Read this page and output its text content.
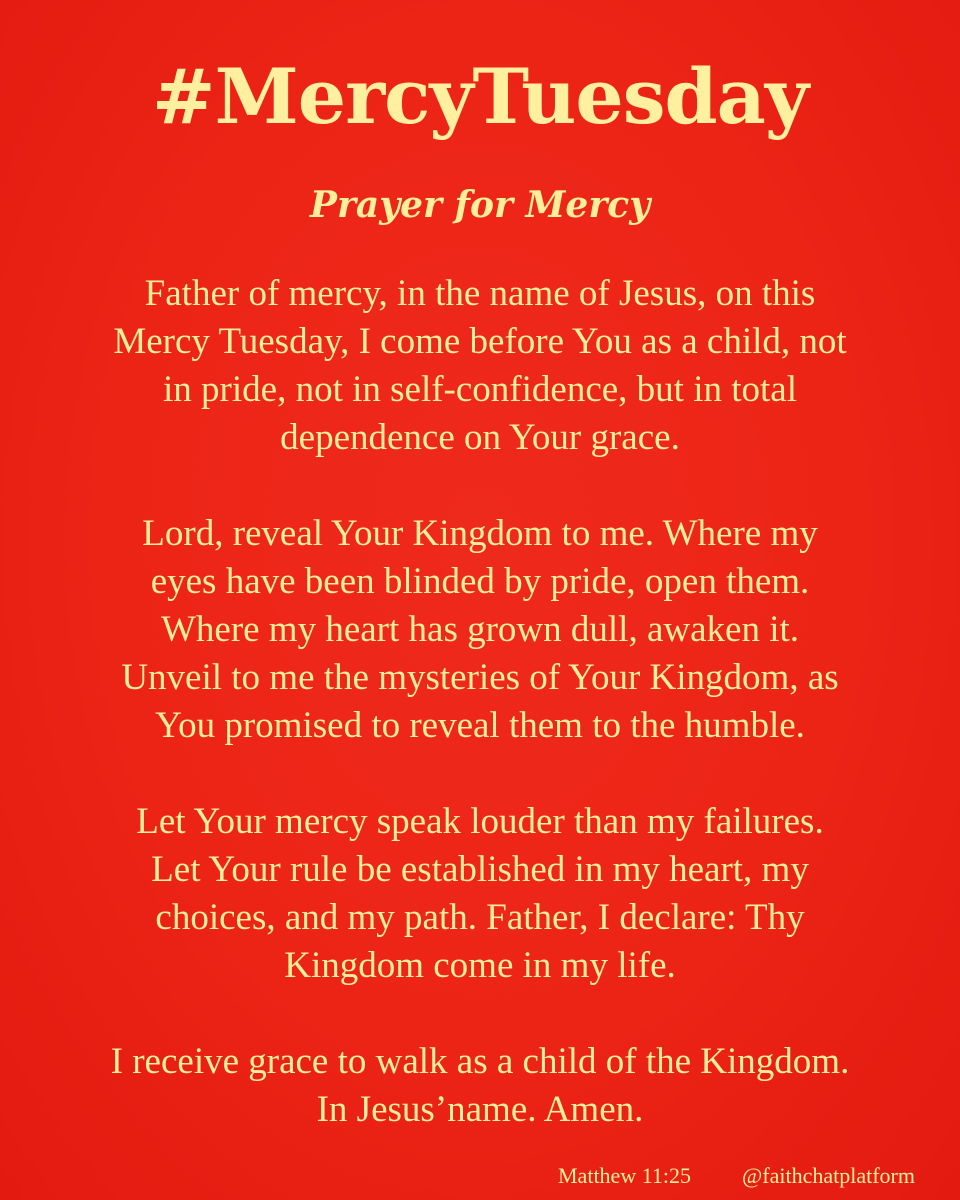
#MercyTuesday
Prayer for Mercy
Father of mercy, in the name of Jesus, on this
Mercy Tuesday, I come before You as a child, not
in pride, not in self-confidence, but in total
dependence on Your grace.
Lord, reveal Your Kingdom to me. Where my
eyes have been blinded by pride, open them.
Where my heart has grown dull, awaken it.
Unveil to me the mysteries of Your Kingdom, as
You promised to reveal them to the humble.
Let Your mercy speak louder than my failures.
Let Your rule be established in my heart, my
choices, and my path. Father, I declare: Thy
Kingdom come in my life.
I receive grace to walk as a child of the Kingdom.
In Jesus’name. Amen.
Matthew 11:25 @faithchatplatform
